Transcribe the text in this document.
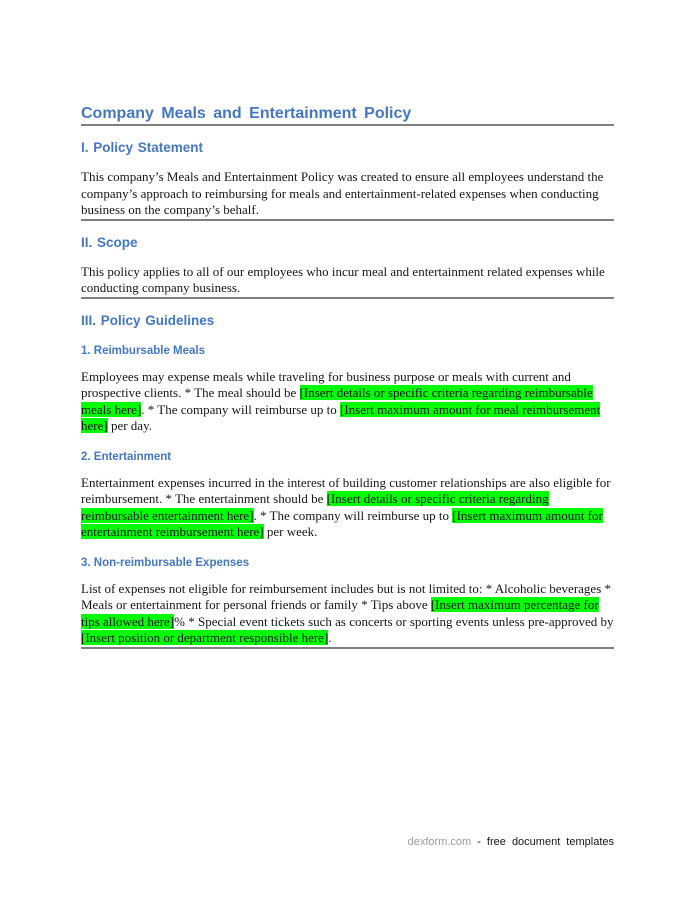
Company Meals and Entertainment Policy
I. Policy Statement

This company’s Meals and Entertainment Policy was created to ensure all employees understand the company’s approach to reimbursing for meals and entertainment-related expenses when conducting business on the company’s behalf.

II. Scope

This policy applies to all of our employees who incur meal and entertainment related expenses while conducting company business.

III. Policy Guidelines
1. Reimbursable Meals

Employees may expense meals while traveling for business purpose or meals with current and prospective clients. * The meal should be [Insert details or specific criteria regarding reimbursable meals here]. * The company will reimburse up to [Insert maximum amount for meal reimbursement here] per day.

2. Entertainment

Entertainment expenses incurred in the interest of building customer relationships are also eligible for reimbursement. * The entertainment should be [Insert details or specific criteria regarding reimbursable entertainment here]. * The company will reimburse up to [Insert maximum amount for entertainment reimbursement here] per week.

3. Non-reimbursable Expenses

List of expenses not eligible for reimbursement includes but is not limited to: * Alcoholic beverages * Meals or entertainment for personal friends or family * Tips above [Insert maximum percentage for tips allowed here]% * Special event tickets such as concerts or sporting events unless pre-approved by [Insert position or department responsible here].

dexform.com - free document templates
